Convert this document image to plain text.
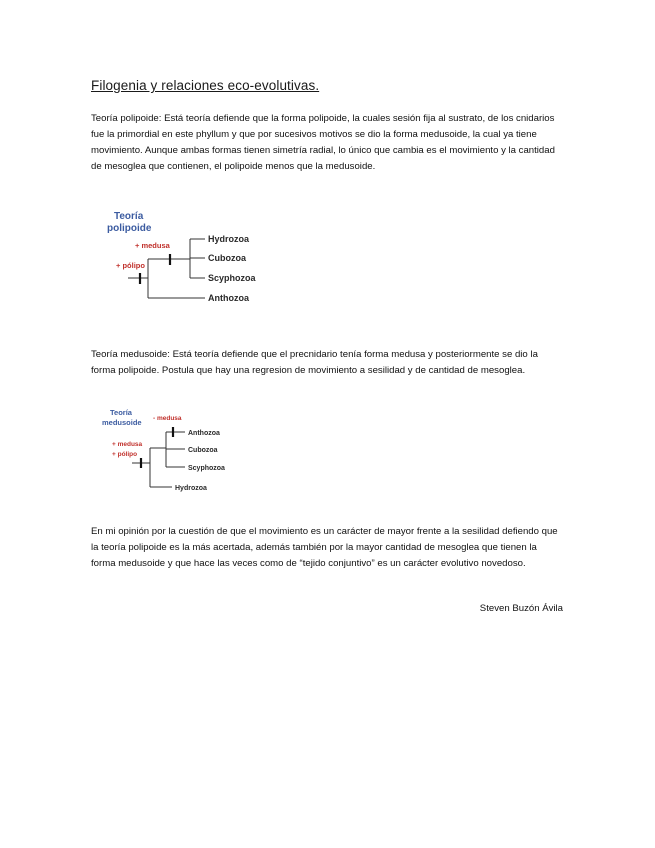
Filogenia y relaciones eco-evolutivas.
Teoría polipoide: Está teoría defiende que la forma polipoide, la cuales sesión fija al sustrato, de los cnidarios fue la primordial en este phyllum y que por sucesivos motivos se dio la forma medusoide, la cual ya tiene movimiento. Aunque ambas formas tienen simetría radial, lo único que cambia es el movimiento y la cantidad de mesoglea que contienen, el polipoide menos que la medusoide.
Teoría
polipoide
+ medusa
+ pólipo
Hydrozoa
Cubozoa
Scyphozoa
Anthozoa
Teoría medusoide: Está teoría defiende que el precnidario tenía forma medusa y posteriormente se dio la forma polipoide. Postula que hay una regresion de movimiento a sesilidad y de cantidad de mesoglea.
Teoría
medusoide - medusa
+ medusa
+ pólipo
Anthozoa
Cubozoa
Scyphozoa
Hydrozoa
En mi opinión por la cuestión de que el movimiento es un carácter de mayor frente a la sesilidad defiendo que la teoría polipoide es la más acertada, además también por la mayor cantidad de mesoglea que tienen la forma medusoide y que hace las veces como de “tejido conjuntivo” es un carácter evolutivo novedoso.
Steven Buzón Ávila
